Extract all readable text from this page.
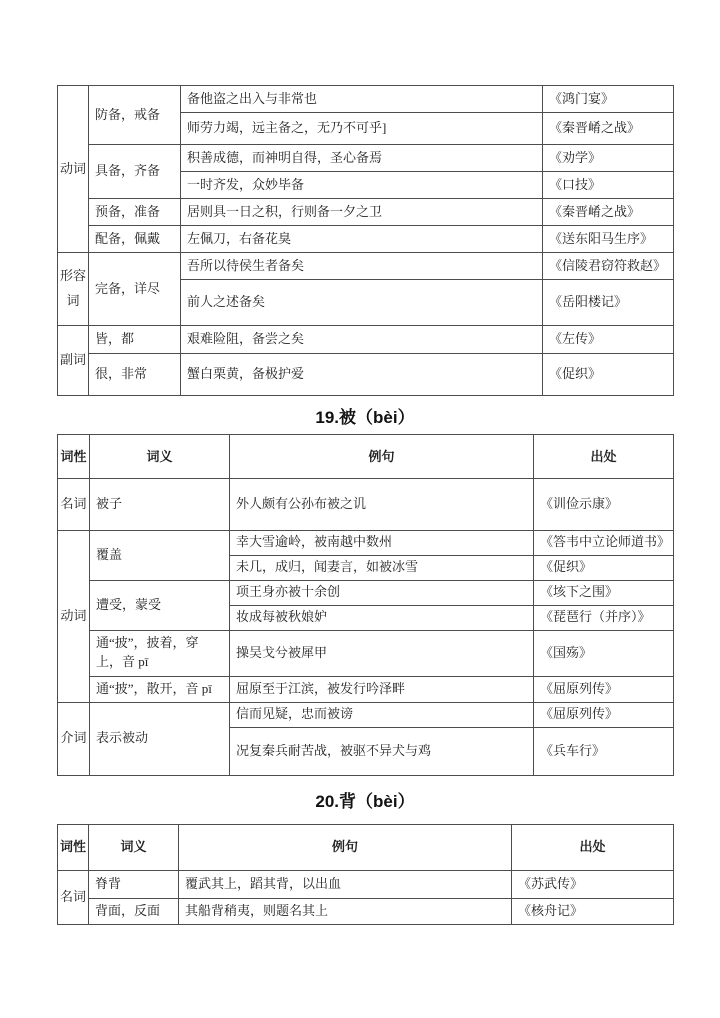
动词	防备，戒备	备他盗之出入与非常也	《鸿门宴》
		师劳力竭，远主备之，无乃不可乎]	《秦晋崤之战》
	具备，齐备	积善成德，而神明自得，圣心备焉	《劝学》
		一时齐发，众妙毕备	《口技》
	预备，准备	居则具一日之积，行则备一夕之卫	《秦晋崤之战》
	配备，佩戴	左佩刀，右备花臭	《送东阳马生序》
形容词	完备，详尽	吾所以待侯生者备矣	《信陵君窃符救赵》
		前人之述备矣	《岳阳楼记》
副词	皆，都	艰难险阻，备尝之矣	《左传》
	很，非常	蟹白栗黄，备极护爱	《促织》
19.被（bèi）
词性	词义	例句	出处
名词	被子	外人颇有公孙布被之讥	《训俭示康》
动词	覆盖	幸大雪逾岭，被南越中数州	《答韦中立论师道书》
		未几，成归，闻妻言，如被冰雪	《促织》
	遭受，蒙受	项王身亦被十余创	《垓下之围》
		妆成每被秋娘妒	《琵琶行（并序）》
	通“披”，披着，穿上，音 pī	操吴戈兮被犀甲	《国殇》
	通“披”，散开，音 pī	屈原至于江滨，被发行吟泽畔	《屈原列传》
介词	表示被动	信而见疑，忠而被谤	《屈原列传》
		况复秦兵耐苦战，被驱不异犬与鸡	《兵车行》
20.背（bèi）
词性	词义	例句	出处
名词	脊背	覆武其上，蹈其背，以出血	《苏武传》
	背面，反面	其船背稍夷，则题名其上	《核舟记》
